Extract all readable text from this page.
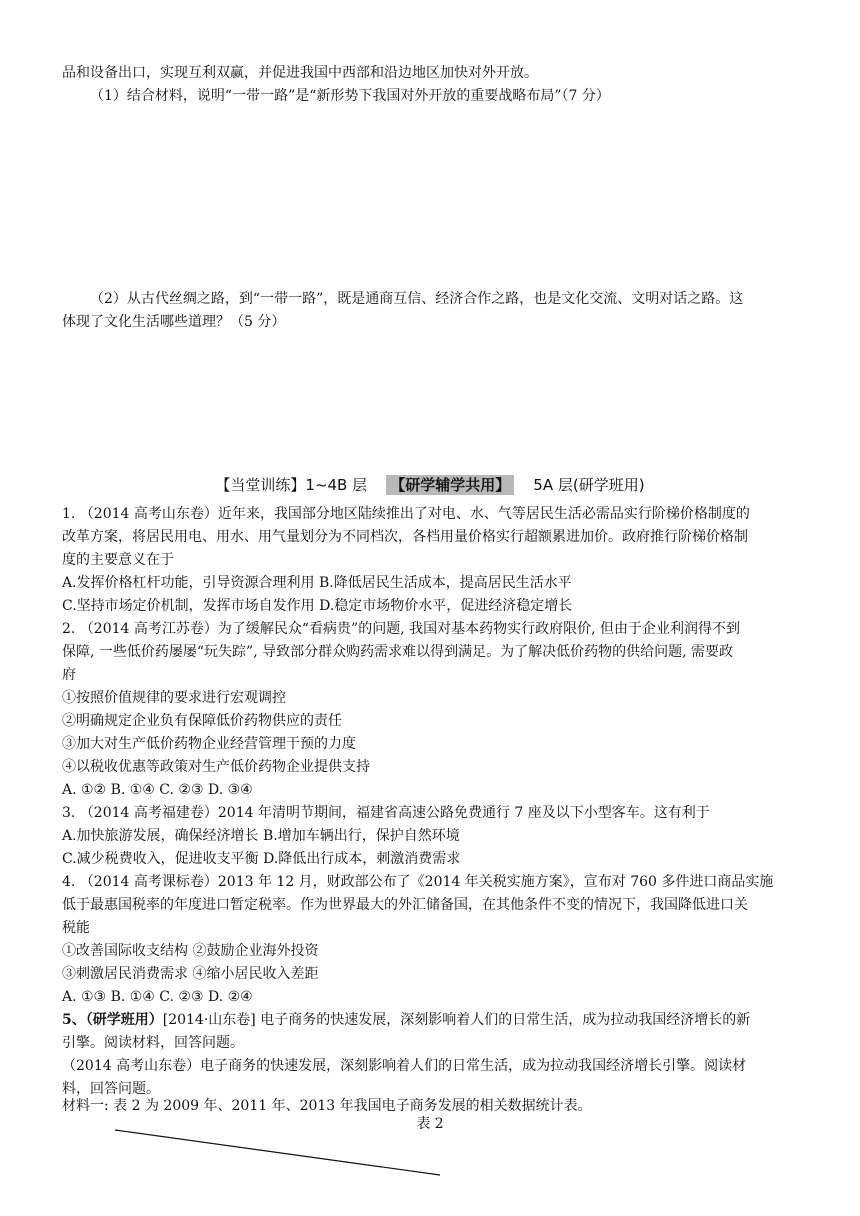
品和设备出口，实现互利双赢，并促进我国中西部和沿边地区加快对外开放。
（1）结合材料，说明“一带一路”是“新形势下我国对外开放的重要战略布局”（7 分）
（2）从古代丝绸之路，到“一带一路”，既是通商互信、经济合作之路，也是文化交流、文明对话之路。这
体现了文化生活哪些道理？（5 分）
【当堂训练】1~4B 层 【研学辅学共用】 5A 层(研学班用)
1. （2014 高考山东卷）近年来，我国部分地区陆续推出了对电、水、气等居民生活必需品实行阶梯价格制度的
改革方案，将居民用电、用水、用气量划分为不同档次，各档用量价格实行超额累进加价。政府推行阶梯价格制
度的主要意义在于
A.发挥价格杠杆功能，引导资源合理利用 B.降低居民生活成本，提高居民生活水平
C.坚持市场定价机制，发挥市场自发作用 D.稳定市场物价水平，促进经济稳定增长
2. （2014 高考江苏卷）为了缓解民众“看病贵”的问题, 我国对基本药物实行政府限价, 但由于企业利润得不到
保障, 一些低价药屡屡“玩失踪”, 导致部分群众购药需求难以得到满足。为了解决低价药物的供给问题, 需要政
府
①按照价值规律的要求进行宏观调控
②明确规定企业负有保障低价药物供应的责任
③加大对生产低价药物企业经营管理干预的力度
④以税收优惠等政策对生产低价药物企业提供支持
A. ①② B. ①④ C. ②③ D. ③④
3. （2014 高考福建卷）2014 年清明节期间，福建省高速公路免费通行 7 座及以下小型客车。这有利于
A.加快旅游发展，确保经济增长 B.增加车辆出行，保护自然环境
C.减少税费收入，促进收支平衡 D.降低出行成本，刺激消费需求
4. （2014 高考课标卷）2013 年 12 月，财政部公布了《2014 年关税实施方案》，宣布对 760 多件进口商品实施
低于最惠国税率的年度进口暂定税率。作为世界最大的外汇储备国，在其他条件不变的情况下，我国降低进口关
税能
①改善国际收支结构 ②鼓励企业海外投资
③刺激居民消费需求 ④缩小居民收入差距
A. ①③ B. ①④ C. ②③ D. ②④
5、（研学班用）[2014·山东卷] 电子商务的快速发展，深刻影响着人们的日常生活，成为拉动我国经济增长的新
引擎。阅读材料，回答问题。
（2014 高考山东卷）电子商务的快速发展，深刻影响着人们的日常生活，成为拉动我国经济增长引擎。阅读材
料，回答问题。
材料一: 表 2 为 2009 年、2011 年、2013 年我国电子商务发展的相关数据统计表。
表 2
